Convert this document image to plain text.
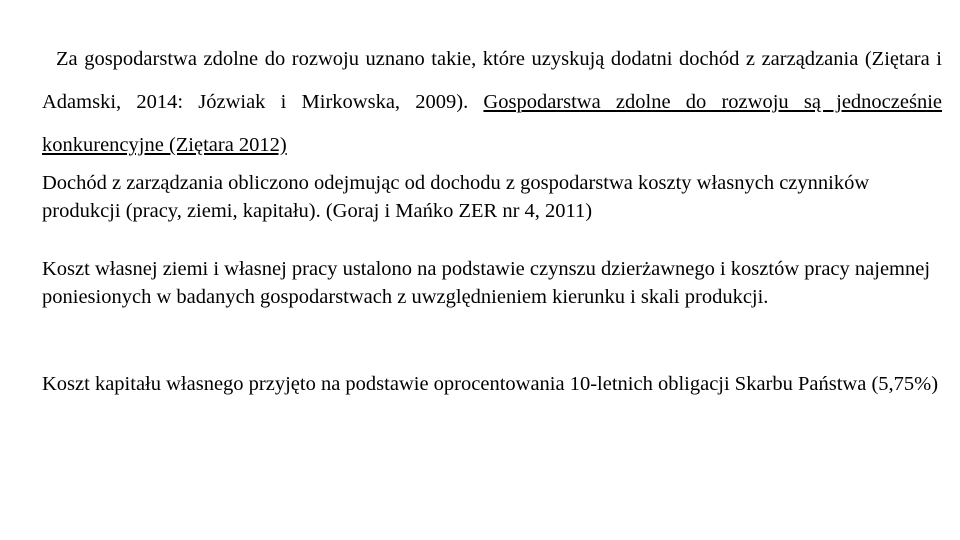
Za gospodarstwa zdolne do rozwoju uznano takie, które uzyskują dodatni dochód z zarządzania (Ziętara i Adamski, 2014: Józwiak i Mirkowska, 2009). Gospodarstwa zdolne do rozwoju są jednocześnie konkurencyjne (Ziętara 2012)

Dochód z zarządzania obliczono odejmując od dochodu z gospodarstwa koszty własnych czynników produkcji (pracy, ziemi, kapitału). (Goraj i Mańko ZER nr 4, 2011)

Koszt własnej ziemi i własnej pracy ustalono na podstawie czynszu dzierżawnego i kosztów pracy najemnej poniesionych w badanych gospodarstwach z uwzględnieniem kierunku i skali produkcji.

Koszt kapitału własnego przyjęto na podstawie oprocentowania 10-letnich obligacji Skarbu Państwa (5,75%)
